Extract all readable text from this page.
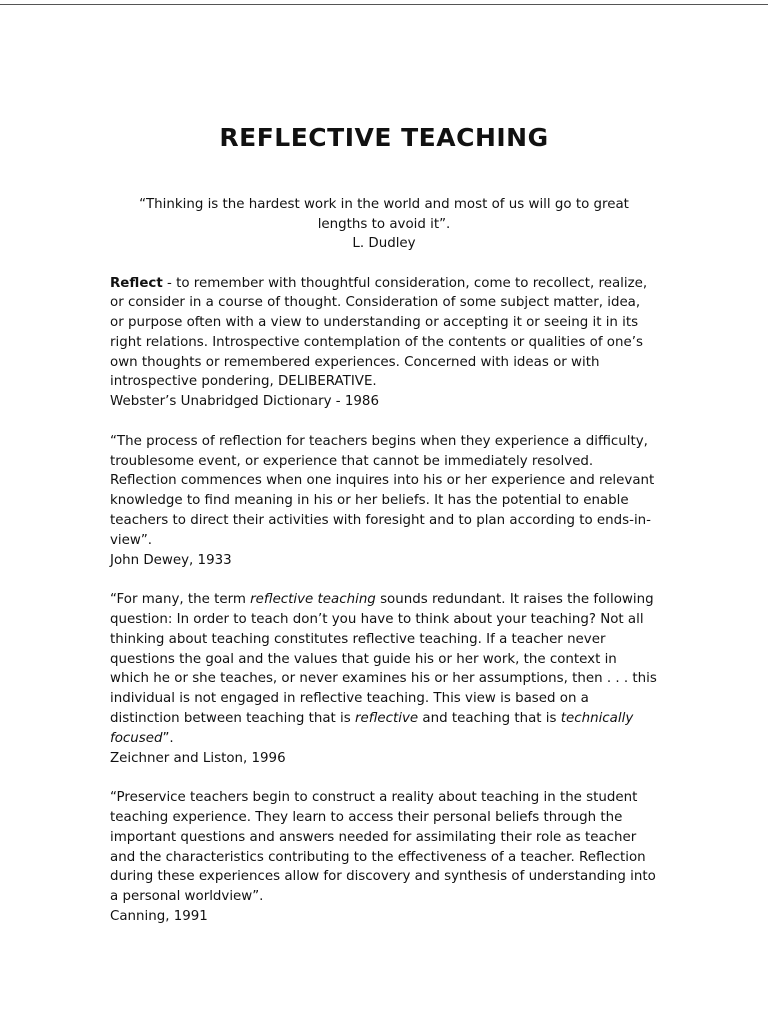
REFLECTIVE TEACHING
“Thinking is the hardest work in the world and most of us will go to great
lengths to avoid it”.
L. Dudley

Reflect - to remember with thoughtful consideration, come to recollect, realize, or consider in a course of thought. Consideration of some subject matter, idea, or purpose often with a view to understanding or accepting it or seeing it in its right relations. Introspective contemplation of the contents or qualities of one’s own thoughts or remembered experiences. Concerned with ideas or with introspective pondering, DELIBERATIVE.

Webster’s Unabridged Dictionary - 1986

“The process of reflection for teachers begins when they experience a difficulty, troublesome event, or experience that cannot be immediately resolved. Reflection commences when one inquires into his or her experience and relevant knowledge to find meaning in his or her beliefs. It has the potential to enable teachers to direct their activities with foresight and to plan according to ends-in-view”.

John Dewey, 1933

“For many, the term reflective teaching sounds redundant. It raises the following question: In order to teach don’t you have to think about your teaching? Not all thinking about teaching constitutes reflective teaching. If a teacher never questions the goal and the values that guide his or her work, the context in which he or she teaches, or never examines his or her assumptions, then . . . this individual is not engaged in reflective teaching. This view is based on a distinction between teaching that is reflective and teaching that is technically focused”.

Zeichner and Liston, 1996

“Preservice teachers begin to construct a reality about teaching in the student teaching experience. They learn to access their personal beliefs through the important questions and answers needed for assimilating their role as teacher and the characteristics contributing to the effectiveness of a teacher. Reflection during these experiences allow for discovery and synthesis of understanding into a personal worldview”.

Canning, 1991
